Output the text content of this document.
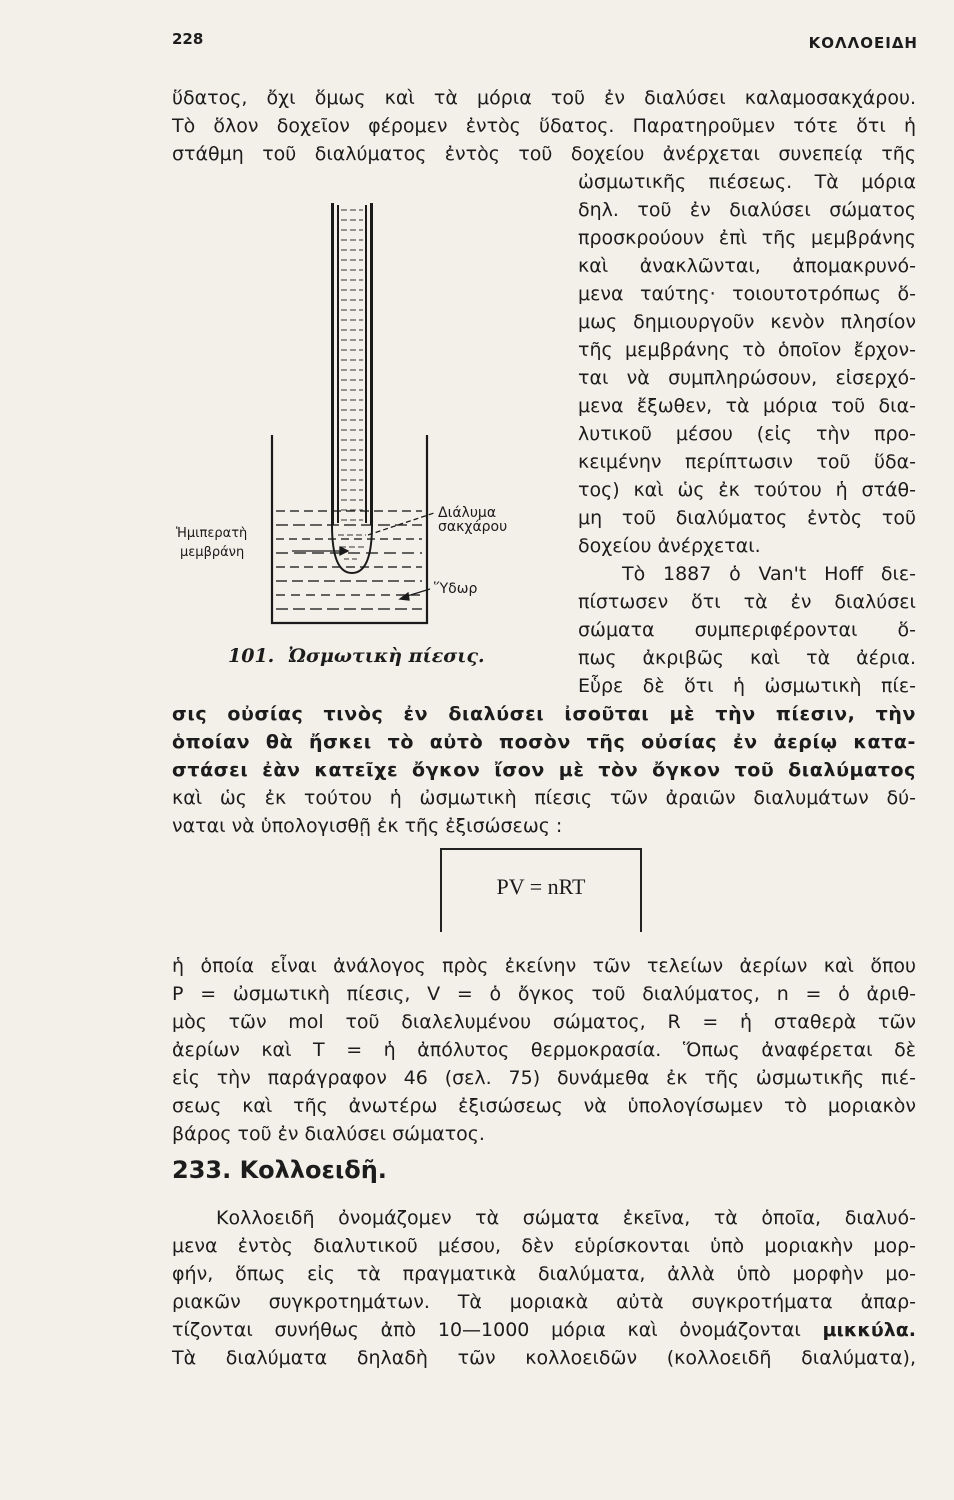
228	ΚΟΛΛΟΕΙΔΗ
ὕδατος, ὄχι ὅμως καὶ τὰ μόρια τοῦ ἐν διαλύσει καλαμοσακχάρου.
Τὸ ὅλον δοχεῖον φέρομεν ἐντὸς ὕδατος. Παρατηροῦμεν τότε ὅτι ἡ
στάθμη τοῦ διαλύματος ἐντὸς τοῦ δοχείου ἀνέρχεται συνεπείᾳ τῆς
ὠσμωτικῆς πιέσεως. Τὰ μόρια
δηλ. τοῦ ἐν διαλύσει σώματος
προσκρούουν ἐπὶ τῆς μεμβράνης
καὶ ἀνακλῶνται, ἀπομακρυνό-
μενα ταύτης· τοιουτοτρόπως ὅ-
μως δημιουργοῦν κενὸν πλησίον
τῆς μεμβράνης τὸ ὁποῖον ἔρχον-
ται νὰ συμπληρώσουν, εἰσερχό-
μενα ἔξωθεν, τὰ μόρια τοῦ δια-
λυτικοῦ μέσου (εἰς τὴν προ-
κειμένην περίπτωσιν τοῦ ὕδα-
τος) καὶ ὡς ἐκ τούτου ἡ στάθ-
μη τοῦ διαλύματος ἐντὸς τοῦ
δοχείου ἀνέρχεται.
Τὸ 1887 ὁ Van't Hoff διε-
πίστωσεν ὅτι τὰ ἐν διαλύσει
σώματα συμπεριφέρονται ὅ-
πως ἀκριβῶς καὶ τὰ ἀέρια.
Εὗρε δὲ ὅτι ἡ ὠσμωτικὴ πίε-
Διάλυμα
σακχάρου
Ἡμιπερατὴ
μεμβράνη
Ὕδωρ
101. Ὠσμωτικὴ πίεσις.
σις οὐσίας τινὸς ἐν διαλύσει ἰσοῦται μὲ τὴν πίεσιν, τὴν
ὁποίαν θὰ ἤσκει τὸ αὐτὸ ποσὸν τῆς οὐσίας ἐν ἀερίῳ κατα-
στάσει ἐὰν κατεῖχε ὄγκον ἴσον μὲ τὸν ὄγκον τοῦ διαλύματος
καὶ ὡς ἐκ τούτου ἡ ὠσμωτικὴ πίεσις τῶν ἀραιῶν διαλυμάτων δύ-
ναται νὰ ὑπολογισθῇ ἐκ τῆς ἐξισώσεως :
PV = nRT
ἡ ὁποία εἶναι ἀνάλογος πρὸς ἐκείνην τῶν τελείων ἀερίων καὶ ὅπου
P = ὠσμωτικὴ πίεσις, V = ὁ ὄγκος τοῦ διαλύματος, n = ὁ ἀριθ-
μὸς τῶν mol τοῦ διαλελυμένου σώματος, R = ἡ σταθερὰ τῶν
ἀερίων καὶ T = ἡ ἀπόλυτος θερμοκρασία. Ὅπως ἀναφέρεται δὲ
εἰς τὴν παράγραφον 46 (σελ. 75) δυνάμεθα ἐκ τῆς ὠσμωτικῆς πιέ-
σεως καὶ τῆς ἀνωτέρω ἐξισώσεως νὰ ὑπολογίσωμεν τὸ μοριακὸν
βάρος τοῦ ἐν διαλύσει σώματος.
233. Κολλοειδῆ.
Κολλοειδῆ ὀνομάζομεν τὰ σώματα ἐκεῖνα, τὰ ὁποῖα, διαλυό-
μενα ἐντὸς διαλυτικοῦ μέσου, δὲν εὑρίσκονται ὑπὸ μοριακὴν μορ-
φήν, ὅπως εἰς τὰ πραγματικὰ διαλύματα, ἀλλὰ ὑπὸ μορφὴν μο-
ριακῶν συγκροτημάτων. Τὰ μοριακὰ αὐτὰ συγκροτήματα ἀπαρ-
τίζονται συνήθως ἀπὸ 10—1000 μόρια καὶ ὀνομάζονται μικκύλα.
Τὰ διαλύματα δηλαδὴ τῶν κολλοειδῶν (κολλοειδῆ διαλύματα),
